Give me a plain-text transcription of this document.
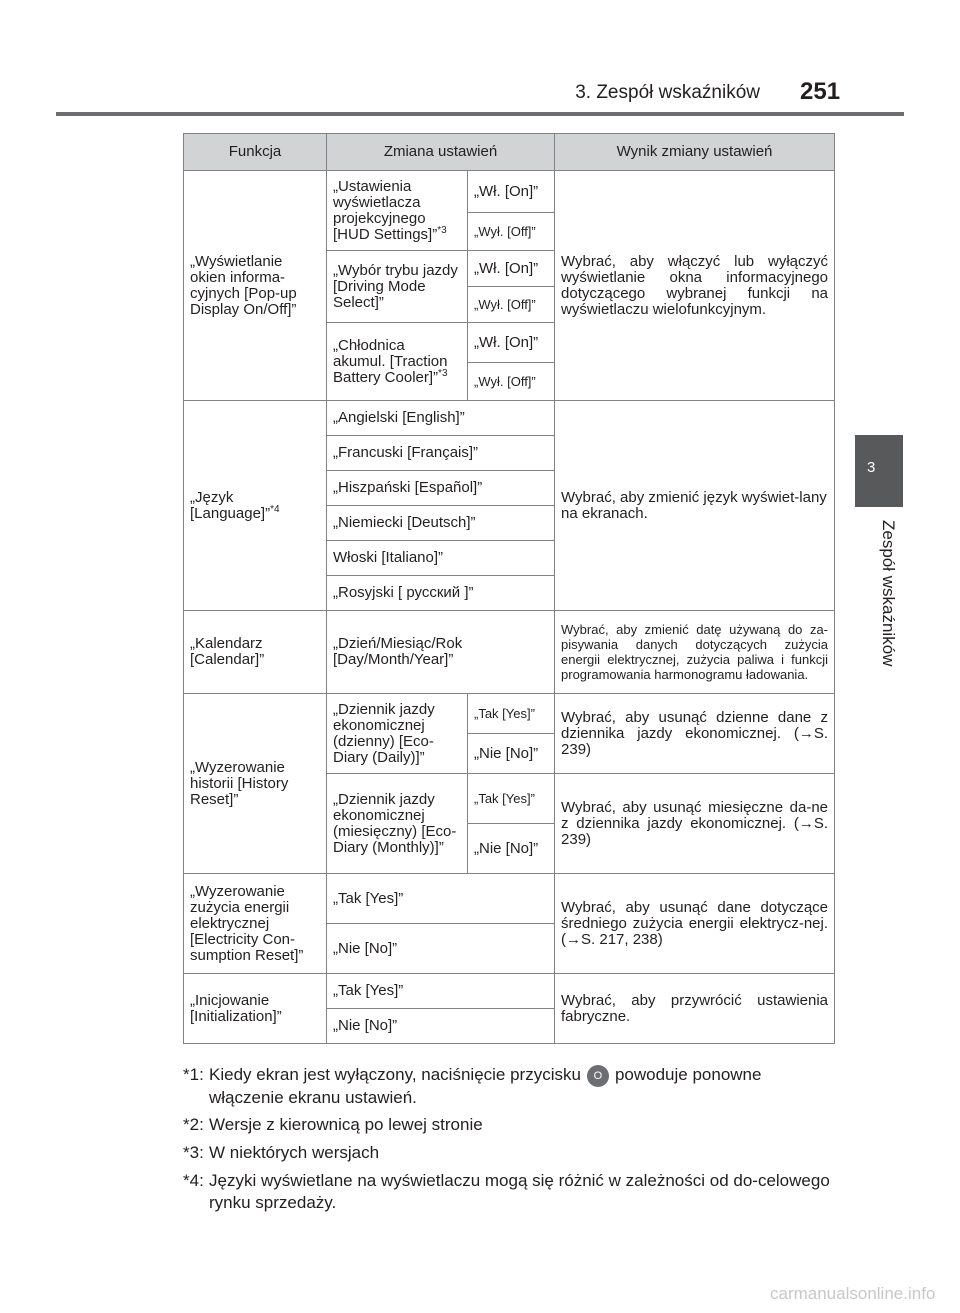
3. Zespół wskaźników 251
3
Zespół wskaźników
Funkcja	Zmiana ustawień		Wynik zmiany ustawień
„Wyświetlanie okien informa-cyjnych [Pop-up Display On/Off]”	„Ustawienia wyświetlacza projekcyjnego [HUD Settings]”$^{*3}$	„Wł. [On]”	Wybrać, aby włączyć lub wyłączyć wyświetlanie okna informacyjnego dotyczącego wybranej funkcji na wyświetlaczu wielofunkcyjnym.
		„Wył. [Off]”	
	„Wybór trybu jazdy [Driving Mode Select]”	„Wł. [On]”	
		„Wył. [Off]”	
	„Chłodnica akumul. [Traction Battery Cooler]”$^{*3}$	„Wł. [On]”	
		„Wył. [Off]”	
„Język [Language]”$^{*4}$	„Angielski [English]”		Wybrać, aby zmienić język wyświet-lany na ekranach.
	„Francuski [Français]”		
	„Hiszpański [Español]”		
	„Niemiecki [Deutsch]”		
	Włoski [Italiano]”		
	„Rosyjski [ русский ]”		
„Kalendarz [Calendar]”	„Dzień/Miesiąc/Rok [Day/Month/Year]”		Wybrać, aby zmienić datę używaną do za-pisywania danych dotyczących zużycia energii elektrycznej, zużycia paliwa i funkcji programowania harmonogramu ładowania.
„Wyzerowanie historii [History Reset]”	„Dziennik jazdy ekonomicznej (dzienny) [Eco-Diary (Daily)]”	„Tak [Yes]”	Wybrać, aby usunąć dzienne dane z dziennika jazdy ekonomicznej. (→S. 239)
		„Nie [No]”	
	„Dziennik jazdy ekonomicznej (miesięczny) [Eco-Diary (Monthly)]”	„Tak [Yes]”	Wybrać, aby usunąć miesięczne da-ne z dziennika jazdy ekonomicznej. (→S. 239)
		„Nie [No]”	
„Wyzerowanie zużycia energii elektrycznej [Electricity Con-sumption Reset]”	„Tak [Yes]”		Wybrać, aby usunąć dane dotyczące średniego zużycia energii elektrycz-nej. (→S. 217, 238)
	„Nie [No]”		
„Inicjowanie [Initialization]”	„Tak [Yes]”		Wybrać, aby przywrócić ustawienia fabryczne.
	„Nie [No]”		
*1: Kiedy ekran jest wyłączony, naciśnięcie przycisku O powoduje ponowne włączenie ekranu ustawień.
*2: Wersje z kierownicą po lewej stronie
*3: W niektórych wersjach
*4: Języki wyświetlane na wyświetlaczu mogą się różnić w zależności od do-celowego rynku sprzedaży.
carmanualsonline.info
